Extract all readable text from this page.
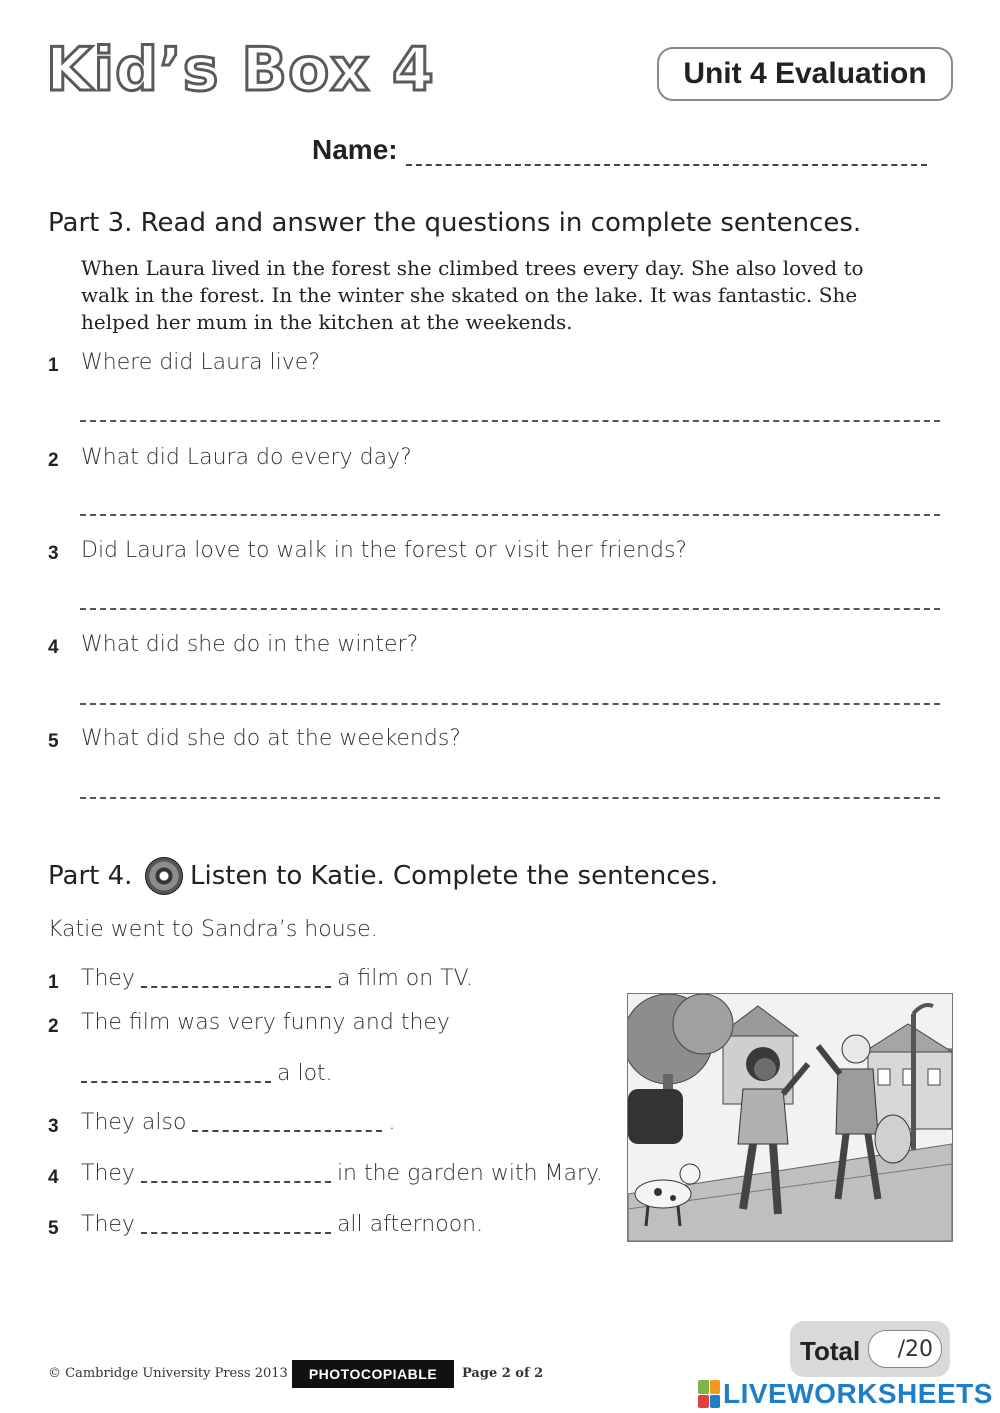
Kid’s Box 4	Unit 4 Evaluation
Name:
Part 3. Read and answer the questions in complete sentences.
When Laura lived in the forest she climbed trees every day. She also loved to
walk in the forest. In the winter she skated on the lake. It was fantastic. She
helped her mum in the kitchen at the weekends.
1 Where did Laura live?
2 What did Laura do every day?
3 Did Laura love to walk in the forest or visit her friends?
4 What did she do in the winter?
5 What did she do at the weekends?
Part 4. Listen to Katie. Complete the sentences.
Katie went to Sandra’s house.
1 They	a film on TV.
2 The film was very funny and they
a lot.
3 They also	.
4 They	in the garden with Mary.
5 They	all afternoon.
Total	/20
© Cambridge University Press 2013	PHOTOCOPIABLE	Page 2 of 2
LIVEWORKSHEETS
